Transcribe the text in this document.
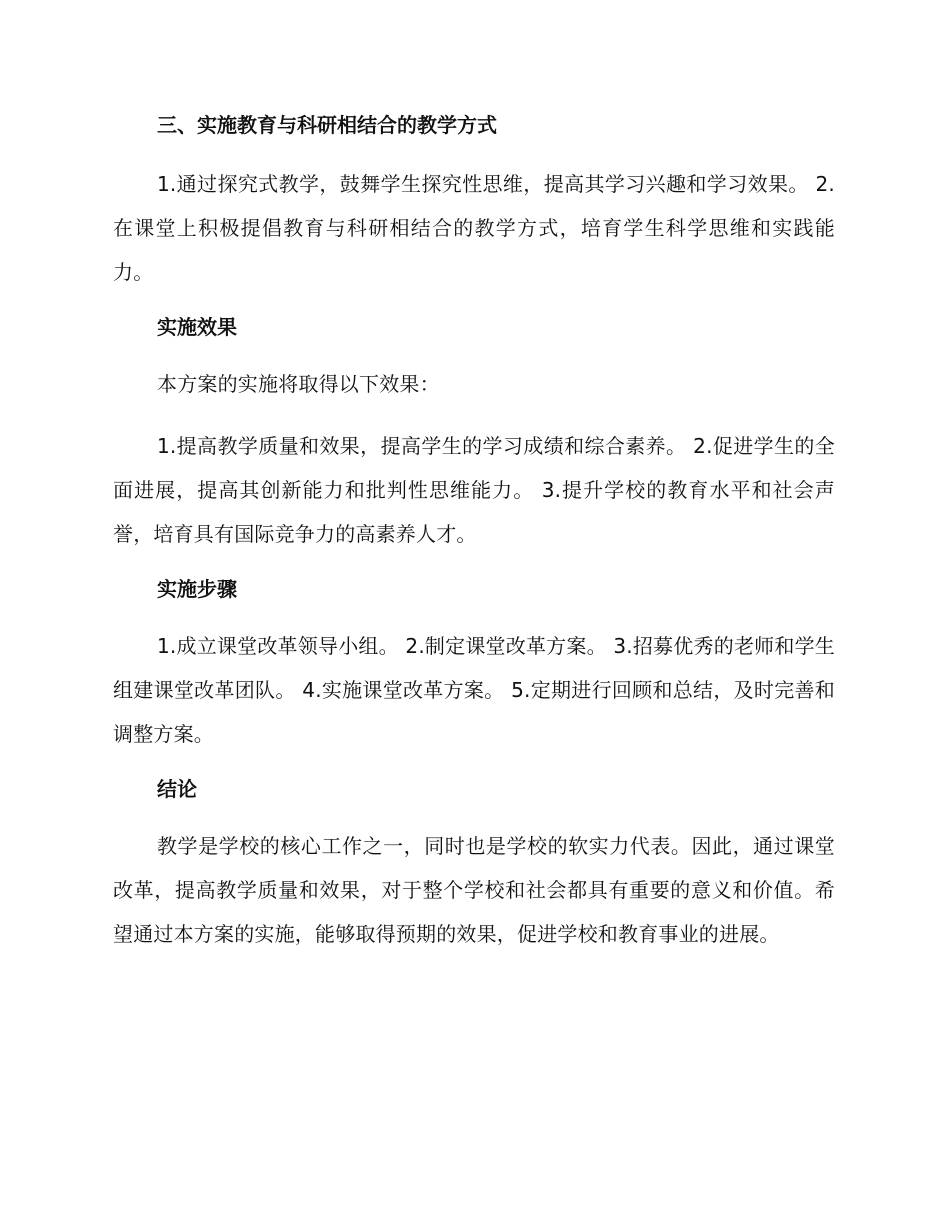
三、实施教育与科研相结合的教学方式

1.通过探究式教学，鼓舞学生探究性思维，提高其学习兴趣和学习效果。 2.在课堂上积极提倡教育与科研相结合的教学方式，培育学生科学思维和实践能力。

实施效果

本方案的实施将取得以下效果：

1.提高教学质量和效果，提高学生的学习成绩和综合素养。 2.促进学生的全面进展，提高其创新能力和批判性思维能力。 3.提升学校的教育水平和社会声誉，培育具有国际竞争力的高素养人才。

实施步骤

1.成立课堂改革领导小组。 2.制定课堂改革方案。 3.招募优秀的老师和学生组建课堂改革团队。 4.实施课堂改革方案。 5.定期进行回顾和总结，及时完善和调整方案。

结论

教学是学校的核心工作之一，同时也是学校的软实力代表。因此，通过课堂改革，提高教学质量和效果，对于整个学校和社会都具有重要的意义和价值。希望通过本方案的实施，能够取得预期的效果，促进学校和教育事业的进展。
